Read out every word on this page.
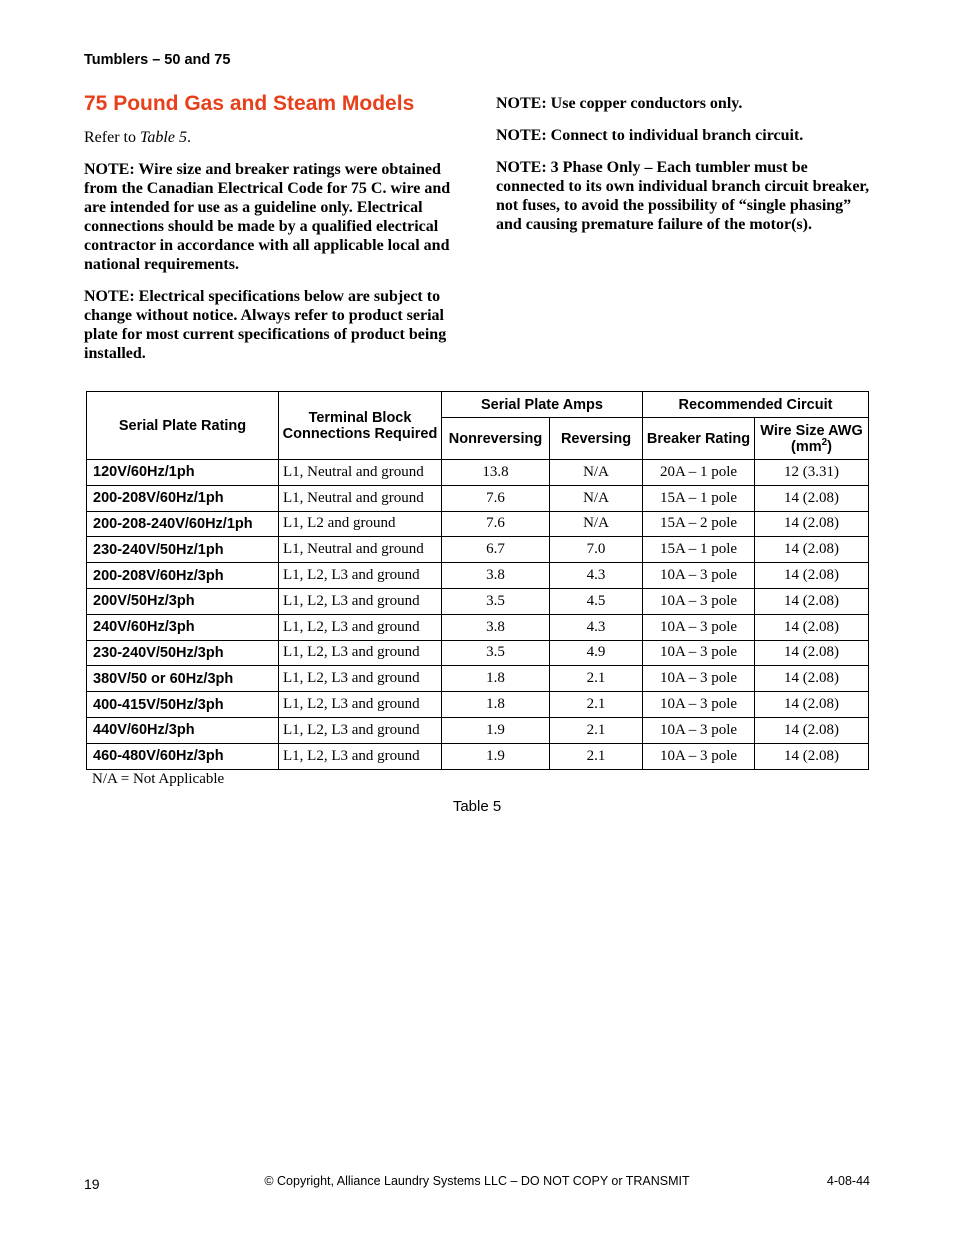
Tumblers – 50 and 75
75 Pound Gas and Steam Models

Refer to Table 5.

NOTE: Wire size and breaker ratings were obtained from the Canadian Electrical Code for 75 C. wire and are intended for use as a guideline only. Electrical connections should be made by a qualified electrical contractor in accordance with all applicable local and national requirements.

NOTE: Electrical specifications below are subject to change without notice. Always refer to product serial plate for most current specifications of product being installed.

NOTE: Use copper conductors only.

NOTE: Connect to individual branch circuit.

NOTE: 3 Phase Only – Each tumbler must be connected to its own individual branch circuit breaker, not fuses, to avoid the possibility of “single phasing” and causing premature failure of the motor(s).

Serial Plate Rating	Terminal Block Connections Required	Serial Plate Amps		Recommended Circuit	
		Nonreversing	Reversing	Breaker Rating	Wire Size AWG $(mm^2)$
120V/60Hz/1ph	L1, Neutral and ground	13.8	N/A	20A – 1 pole	12 (3.31)
200-208V/60Hz/1ph	L1, Neutral and ground	7.6	N/A	15A – 1 pole	14 (2.08)
200-208-240V/60Hz/1ph	L1, L2 and ground	7.6	N/A	15A – 2 pole	14 (2.08)
230-240V/50Hz/1ph	L1, Neutral and ground	6.7	7.0	15A – 1 pole	14 (2.08)
200-208V/60Hz/3ph	L1, L2, L3 and ground	3.8	4.3	10A – 3 pole	14 (2.08)
200V/50Hz/3ph	L1, L2, L3 and ground	3.5	4.5	10A – 3 pole	14 (2.08)
240V/60Hz/3ph	L1, L2, L3 and ground	3.8	4.3	10A – 3 pole	14 (2.08)
230-240V/50Hz/3ph	L1, L2, L3 and ground	3.5	4.9	10A – 3 pole	14 (2.08)
380V/50 or 60Hz/3ph	L1, L2, L3 and ground	1.8	2.1	10A – 3 pole	14 (2.08)
400-415V/50Hz/3ph	L1, L2, L3 and ground	1.8	2.1	10A – 3 pole	14 (2.08)
440V/60Hz/3ph	L1, L2, L3 and ground	1.9	2.1	10A – 3 pole	14 (2.08)
460-480V/60Hz/3ph	L1, L2, L3 and ground	1.9	2.1	10A – 3 pole	14 (2.08)
N/A = Not Applicable
Table 5
19	© Copyright, Alliance Laundry Systems LLC – DO NOT COPY or TRANSMIT	4-08-44
